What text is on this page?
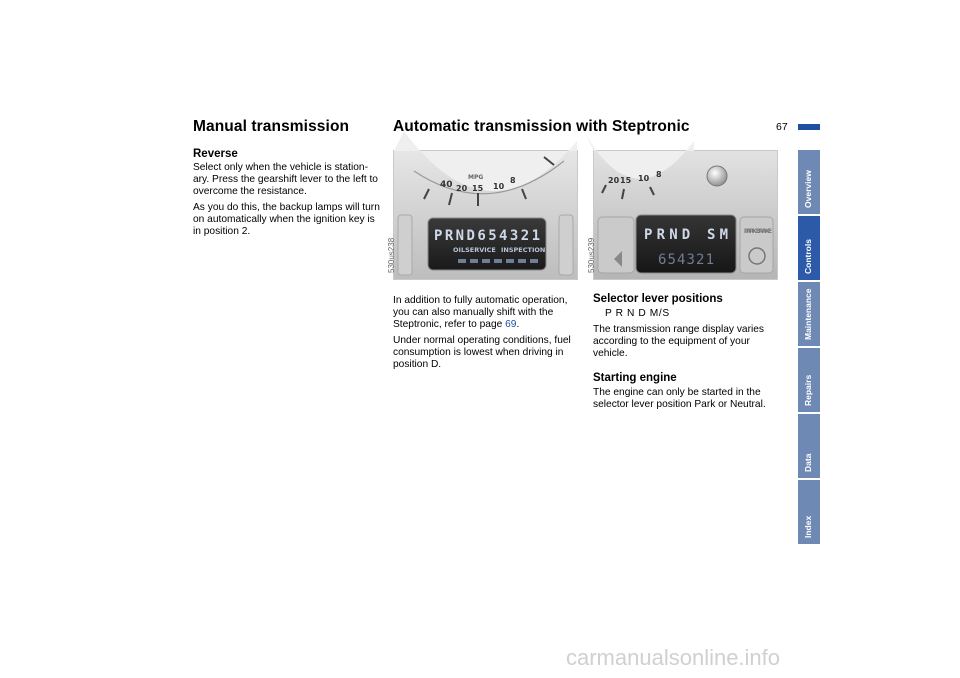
67
Manual transmission
Reverse

Select only when the vehicle is station-ary. Press the gearshift lever to the left to overcome the resistance.

As you do this, the backup lamps will turn on automatically when the ignition key is in position 2.

Automatic transmission with Steptronic
40
MPG
20 15 10
8
PRND654321
OILSERVICE INSPECTION
530us238
20 15 10 8
PRND SM
654321
PARK BRAKE
530us239

In addition to fully automatic operation, you can also manually shift with the Steptronic, refer to page 69.

Under normal operating conditions, fuel consumption is lowest when driving in position D.

Selector lever positions
P R N D M/S
The transmission range display varies according to the equipment of your vehicle.
Starting engine
The engine can only be started in the selector lever position Park or Neutral.
Overview
Controls
Maintenance
Repairs
Data
Index
carmanualsonline.info
